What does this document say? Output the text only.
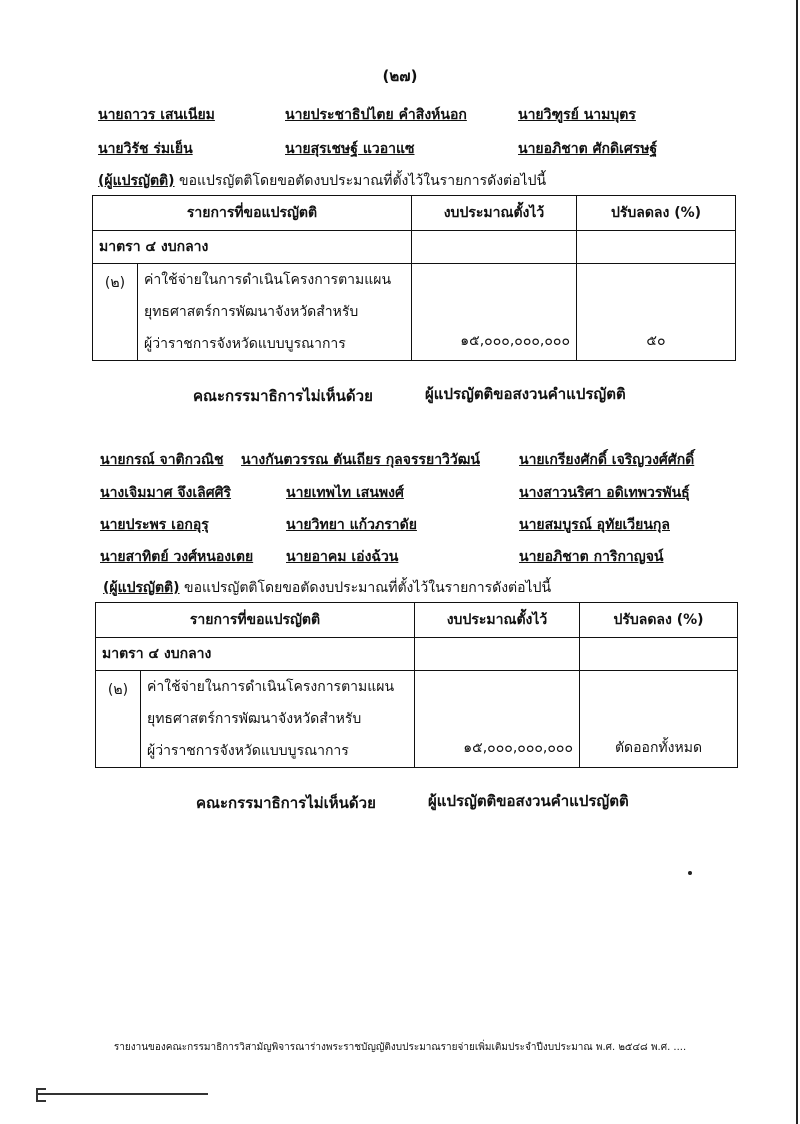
(๒๗)
นายถาวร เสนเนียม	นายประชาธิปไตย คำสิงห์นอก	นายวิฑูรย์ นามบุตร
นายวิรัช ร่มเย็น	นายสุรเชษฐ์ แวอาแซ	นายอภิชาต ศักดิเศรษฐ์
(ผู้แปรญัตติ) ขอแปรญัตติโดยขอตัดงบประมาณที่ตั้งไว้ในรายการดังต่อไปนี้
รายการที่ขอแปรญัตติ		งบประมาณตั้งไว้	ปรับลดลง (%)
มาตรา ๔ งบกลาง			
(๒)	ค่าใช้จ่ายในการดำเนินโครงการตามแผน
ยุทธศาสตร์การพัฒนาจังหวัดสำหรับ
ผู้ว่าราชการจังหวัดแบบบูรณาการ	๑๕,๐๐๐,๐๐๐,๐๐๐	๕๐
คณะกรรมาธิการไม่เห็นด้วย	ผู้แปรญัตติขอสงวนคำแปรญัตติ
นายกรณ์ จาติกวณิช นางกันตวรรณ ตันเถียร กุลจรรยาวิวัฒน์	นายเกรียงศักดิ์ เจริญวงศ์ศักดิ์
นางเจิมมาศ จึงเลิศศิริ	นายเทพไท เสนพงศ์	นางสาวนริศา อดิเทพวรพันธุ์
นายประพร เอกอุรุ	นายวิทยา แก้วภราดัย	นายสมบูรณ์ อุทัยเวียนกุล
นายสาทิตย์ วงศ์หนองเตย นายอาคม เอ่งฉ้วน	นายอภิชาต การิกาญจน์
(ผู้แปรญัตติ) ขอแปรญัตติโดยขอตัดงบประมาณที่ตั้งไว้ในรายการดังต่อไปนี้
รายการที่ขอแปรญัตติ		งบประมาณตั้งไว้	ปรับลดลง (%)
มาตรา ๔ งบกลาง			
(๒)	ค่าใช้จ่ายในการดำเนินโครงการตามแผน
ยุทธศาสตร์การพัฒนาจังหวัดสำหรับ
ผู้ว่าราชการจังหวัดแบบบูรณาการ	๑๕,๐๐๐,๐๐๐,๐๐๐	ตัดออกทั้งหมด
คณะกรรมาธิการไม่เห็นด้วย	ผู้แปรญัตติขอสงวนคำแปรญัตติ
รายงานของคณะกรรมาธิการวิสามัญพิจารณาร่างพระราชบัญญัติงบประมาณรายจ่ายเพิ่มเติมประจำปีงบประมาณ พ.ศ. ๒๕๔๘ พ.ศ. ....
